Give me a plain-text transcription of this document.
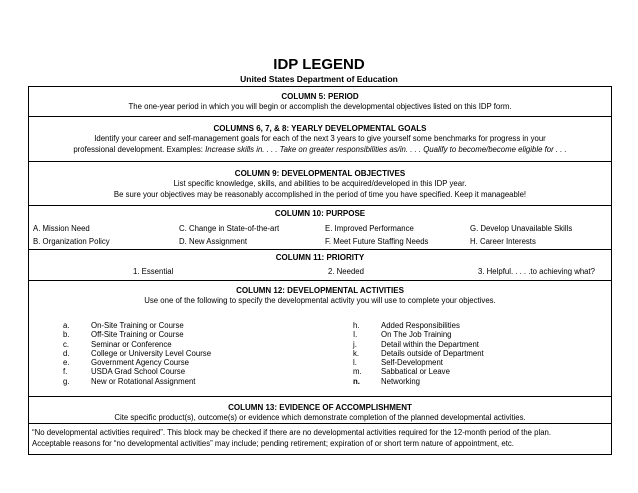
IDP LEGEND
United States Department of Education
COLUMN 5: PERIOD
The one-year period in which you will begin or accomplish the developmental objectives listed on this IDP form.
COLUMNS 6, 7, & 8: YEARLY DEVELOPMENTAL GOALS
Identify your career and self-management goals for each of the next 3 years to give yourself some benchmarks for progress in your
professional development. Examples: Increase skills in. . . . Take on greater responsibilities as/in. . . . Qualify to become/become eligible for . . .
COLUMN 9: DEVELOPMENTAL OBJECTIVES
List specific knowledge, skills, and abilities to be acquired/developed in this IDP year.
Be sure your objectives may be reasonably accomplished in the period of time you have specified. Keep it manageable!
COLUMN 10: PURPOSE
A. Mission Need	C. Change in State-of-the-art	E. Improved Performance	G. Develop Unavailable Skills
B. Organization Policy	D. New Assignment	F. Meet Future Staffing Needs	H. Career Interests
COLUMN 11: PRIORITY
1. Essential	2. Needed	3. Helpful. . . . .to achieving what?
COLUMN 12: DEVELOPMENTAL ACTIVITIES
Use one of the following to specify the developmental activity you will use to complete your objectives.
a.	On-Site Training or Course
b.	Off-Site Training or Course
c.	Seminar or Conference
d.	College or University Level Course
e.	Government Agency Course
f.	USDA Grad School Course
g.	New or Rotational Assignment
h.	Added Responsibilities
I.	On The Job Training
j.	Detail within the Department
k.	Details outside of Department
l.	Self-Development
m.	Sabbatical or Leave
n.	Networking
COLUMN 13: EVIDENCE OF ACCOMPLISHMENT
Cite specific product(s), outcome(s) or evidence which demonstrate completion of the planned developmental activities.
“No developmental activities required”. This block may be checked if there are no developmental activities required for the 12-month period of the plan.
Acceptable reasons for “no developmental activities” may include; pending retirement; expiration of or short term nature of appointment, etc.
